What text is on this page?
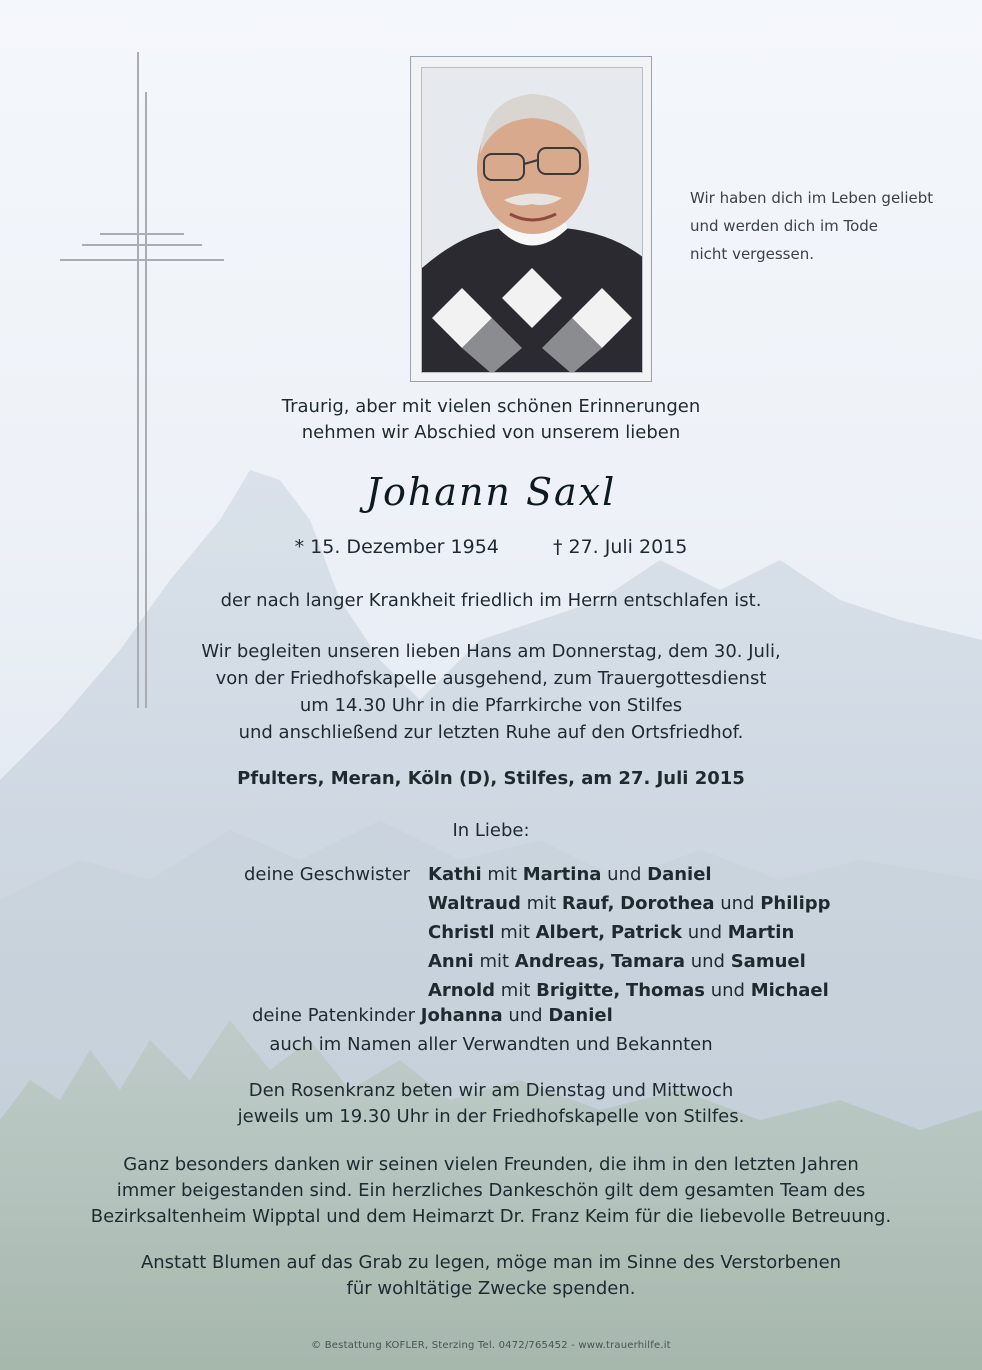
Wir haben dich im Leben geliebt
und werden dich im Tode
nicht vergessen.
Traurig, aber mit vielen schönen Erinnerungen
nehmen wir Abschied von unserem lieben
Johann Saxl
* 15. Dezember 1954	† 27. Juli 2015
der nach langer Krankheit friedlich im Herrn entschlafen ist.
Wir begleiten unseren lieben Hans am Donnerstag, dem 30. Juli,
von der Friedhofskapelle ausgehend, zum Trauergottesdienst
um 14.30 Uhr in die Pfarrkirche von Stilfes
und anschließend zur letzten Ruhe auf den Ortsfriedhof.
Pfulters, Meran, Köln (D), Stilfes, am 27. Juli 2015
In Liebe:
deine Geschwister Kathi mit Martina und Daniel
Waltraud mit Rauf, Dorothea und Philipp
Christl mit Albert, Patrick und Martin
Anni mit Andreas, Tamara und Samuel
Arnold mit Brigitte, Thomas und Michael
deine Patenkinder Johanna und Daniel
auch im Namen aller Verwandten und Bekannten
Den Rosenkranz beten wir am Dienstag und Mittwoch
jeweils um 19.30 Uhr in der Friedhofskapelle von Stilfes.
Ganz besonders danken wir seinen vielen Freunden, die ihm in den letzten Jahren
immer beigestanden sind. Ein herzliches Dankeschön gilt dem gesamten Team des
Bezirksaltenheim Wipptal und dem Heimarzt Dr. Franz Keim für die liebevolle Betreuung.
Anstatt Blumen auf das Grab zu legen, möge man im Sinne des Verstorbenen
für wohltätige Zwecke spenden.
© Bestattung KOFLER, Sterzing Tel. 0472/765452 - www.trauerhilfe.it
